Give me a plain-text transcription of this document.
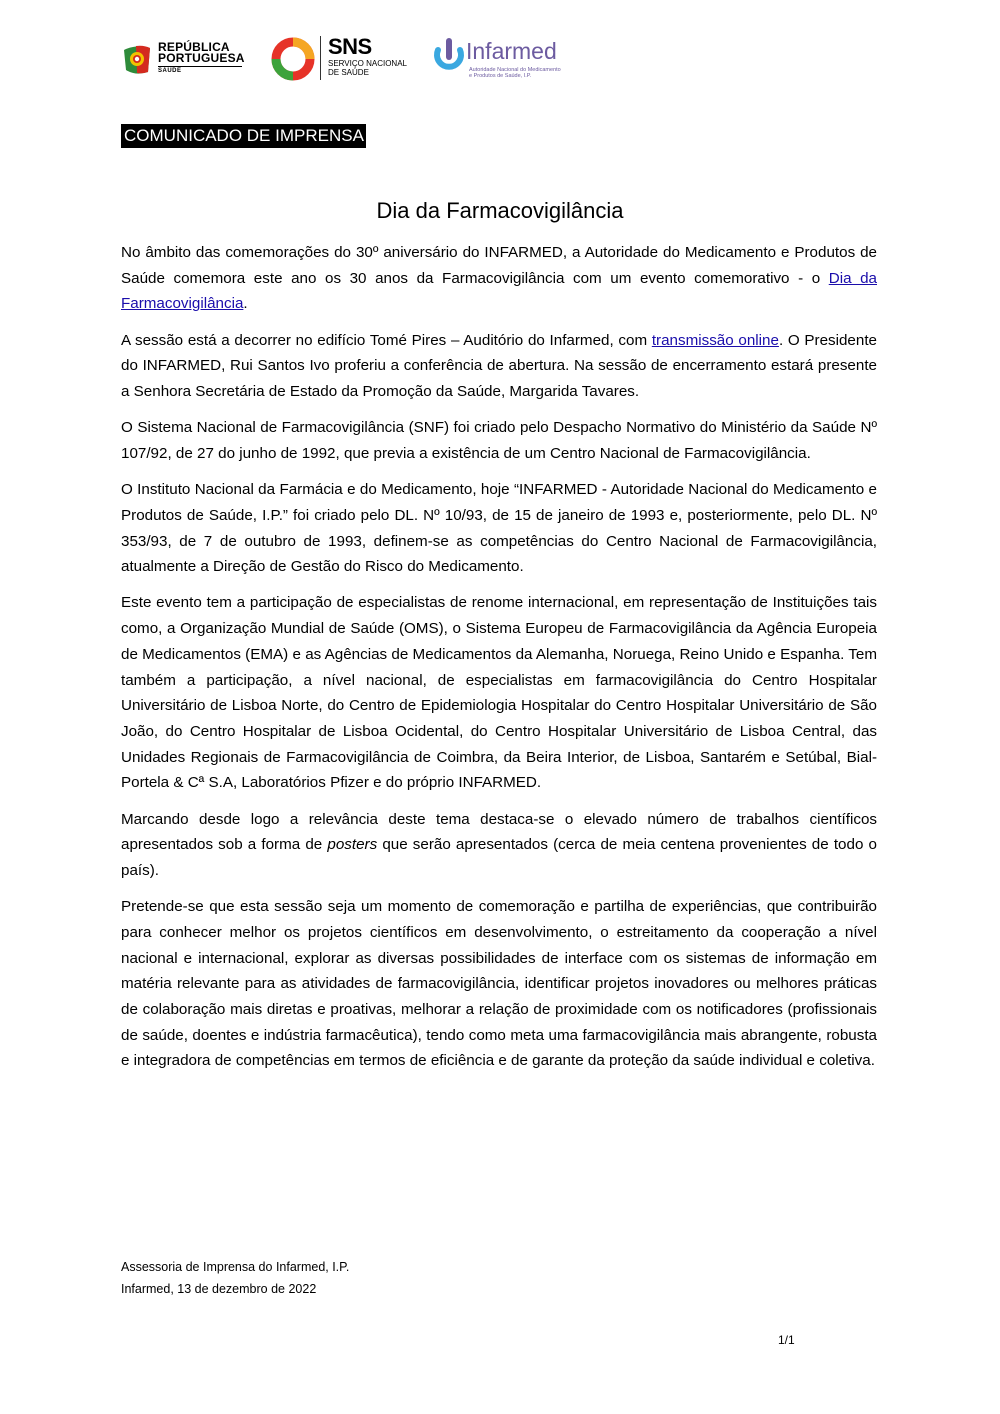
REPÚBLICA
PORTUGUESA
SAÚDE
SNS
SERVIÇO NACIONAL
DE SAÚDE
Infarmed
Autoridade Nacional do Medicamento
e Produtos de Saúde, I.P.
COMUNICADO DE IMPRENSA
Dia da Farmacovigilância

No âmbito das comemorações do 30º aniversário do INFARMED, a Autoridade do Medicamento e Produtos de Saúde comemora este ano os 30 anos da Farmacovigilância com um evento comemorativo - o Dia da Farmacovigilância.

A sessão está a decorrer no edifício Tomé Pires – Auditório do Infarmed, com transmissão online. O Presidente do INFARMED, Rui Santos Ivo proferiu a conferência de abertura. Na sessão de encerramento estará presente a Senhora Secretária de Estado da Promoção da Saúde, Margarida Tavares.

O Sistema Nacional de Farmacovigilância (SNF) foi criado pelo Despacho Normativo do Ministério da Saúde Nº 107/92, de 27 do junho de 1992, que previa a existência de um Centro Nacional de Farmacovigilância.

O Instituto Nacional da Farmácia e do Medicamento, hoje “INFARMED - Autoridade Nacional do Medicamento e Produtos de Saúde, I.P.” foi criado pelo DL. Nº 10/93, de 15 de janeiro de 1993 e, posteriormente, pelo DL. Nº 353/93, de 7 de outubro de 1993, definem-se as competências do Centro Nacional de Farmacovigilância, atualmente a Direção de Gestão do Risco do Medicamento.

Este evento tem a participação de especialistas de renome internacional, em representação de Instituições tais como, a Organização Mundial de Saúde (OMS), o Sistema Europeu de Farmacovigilância da Agência Europeia de Medicamentos (EMA) e as Agências de Medicamentos da Alemanha, Noruega, Reino Unido e Espanha. Tem também a participação, a nível nacional, de especialistas em farmacovigilância do Centro Hospitalar Universitário de Lisboa Norte, do Centro de Epidemiologia Hospitalar do Centro Hospitalar Universitário de São João, do Centro Hospitalar de Lisboa Ocidental, do Centro Hospitalar Universitário de Lisboa Central, das Unidades Regionais de Farmacovigilância de Coimbra, da Beira Interior, de Lisboa, Santarém e Setúbal, Bial-Portela & Cª S.A, Laboratórios Pfizer e do próprio INFARMED.

Marcando desde logo a relevância deste tema destaca-se o elevado número de trabalhos científicos apresentados sob a forma de posters que serão apresentados (cerca de meia centena provenientes de todo o país).

Pretende-se que esta sessão seja um momento de comemoração e partilha de experiências, que contribuirão para conhecer melhor os projetos científicos em desenvolvimento, o estreitamento da cooperação a nível nacional e internacional, explorar as diversas possibilidades de interface com os sistemas de informação em matéria relevante para as atividades de farmacovigilância, identificar projetos inovadores ou melhores práticas de colaboração mais diretas e proativas, melhorar a relação de proximidade com os notificadores (profissionais de saúde, doentes e indústria farmacêutica), tendo como meta uma farmacovigilância mais abrangente, robusta e integradora de competências em termos de eficiência e de garante da proteção da saúde individual e coletiva.

Assessoria de Imprensa do Infarmed, I.P.
Infarmed, 13 de dezembro de 2022
1/1
